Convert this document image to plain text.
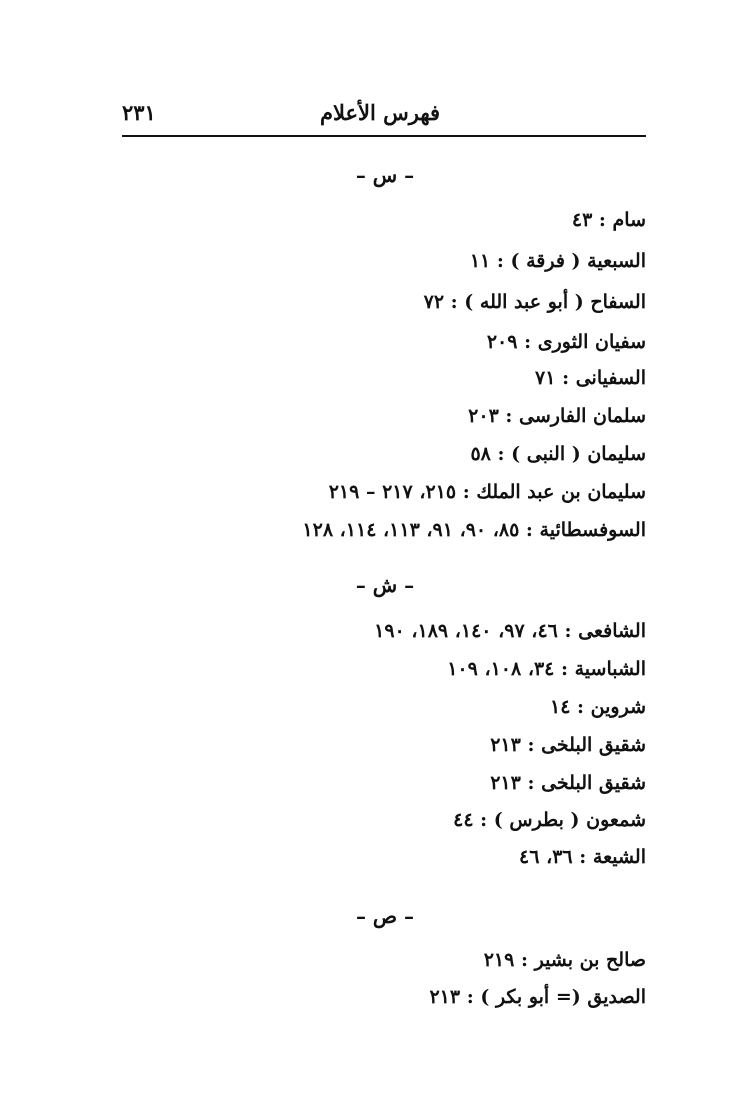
فهرس الأعلام
٢٣١
– س –
سام : ٤٣
السبعية ( فرقة ) : ١١
السفاح ( أبو عبد الله ) : ٧٢
سفيان الثورى : ٢٠٩
السفيانى : ٧١
سلمان الفارسى : ٢٠٣
سليمان ( النبى ) : ٥٨
سليمان بن عبد الملك : ٢١٥، ٢١٧ – ٢١٩
السوفسطائية : ٨٥، ٩٠، ٩١، ١١٣، ١١٤، ١٢٨
– ش –
الشافعى : ٤٦، ٩٧، ١٤٠، ١٨٩، ١٩٠
الشباسية : ٣٤، ١٠٨، ١٠٩
شروين : ١٤
شقيق البلخى : ٢١٣
شقيق البلخى : ٢١٣
شمعون ( بطرس ) : ٤٤
الشيعة : ٣٦، ٤٦
– ص –
صالح بن بشير : ٢١٩
الصديق (= أبو بكر ) : ٢١٣
